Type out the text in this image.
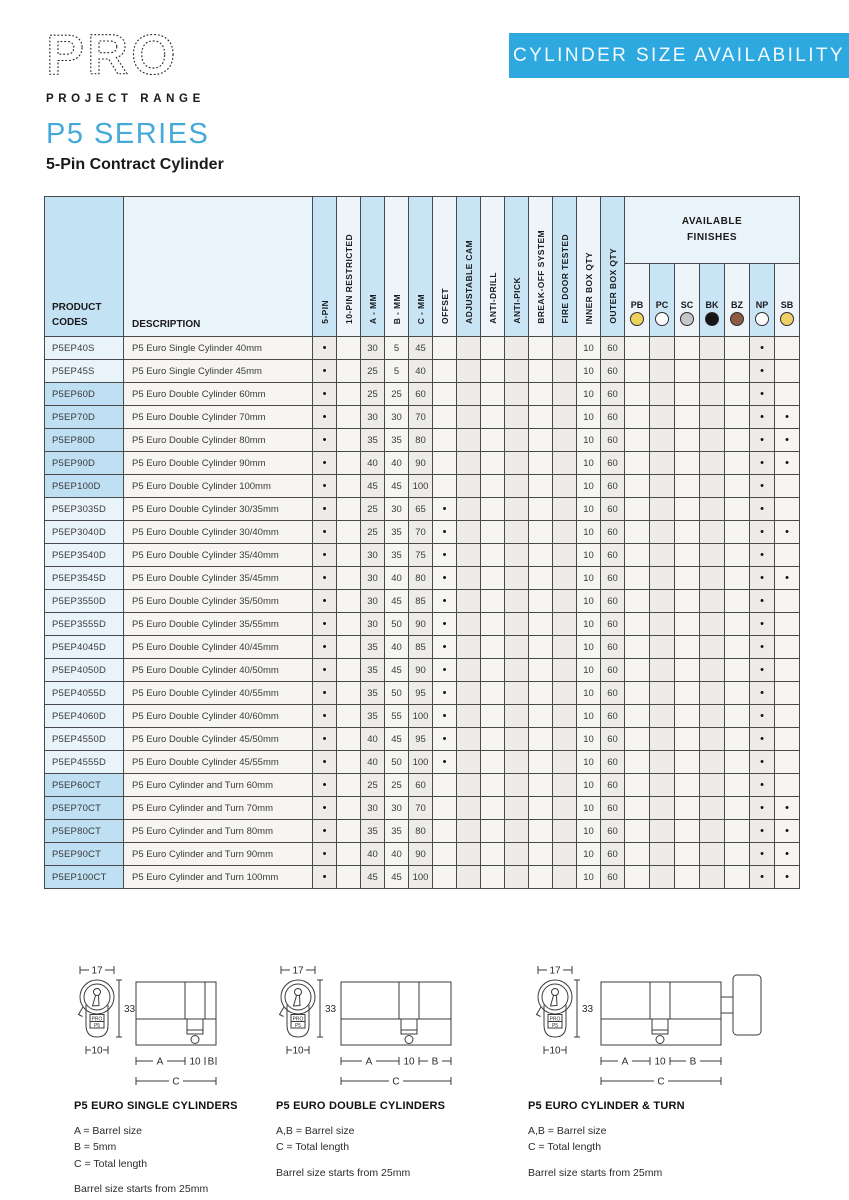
PRO
PROJECT RANGE
CYLINDER SIZE AVAILABILITY
P5 SERIES
5-Pin Contract Cylinder
PRODUCT CODES	DESCRIPTION	5-PIN	10-PIN RESTRICTED	A - MM	B - MM	C - MM	OFFSET	ADJUSTABLE CAM	ANTI-DRILL	ANTI-PICK	BREAK-OFF SYSTEM	FIRE DOOR TESTED	INNER BOX QTY	OUTER BOX QTY	AVAILABLE FINISHES						

															PB	PC	SC	BK	BZ	NP	SB

P5EP40S	P5 Euro Single Cylinder 40mm	•		30	5	45							10	60						•	
P5EP45S	P5 Euro Single Cylinder 45mm	•		25	5	40							10	60						•	
P5EP60D	P5 Euro Double Cylinder 60mm	•		25	25	60							10	60						•	
P5EP70D	P5 Euro Double Cylinder 70mm	•		30	30	70							10	60						•	•
P5EP80D	P5 Euro Double Cylinder 80mm	•		35	35	80							10	60						•	•
P5EP90D	P5 Euro Double Cylinder 90mm	•		40	40	90							10	60						•	•
P5EP100D	P5 Euro Double Cylinder 100mm	•		45	45	100							10	60						•	
P5EP3035D	P5 Euro Double Cylinder 30/35mm	•		25	30	65	•						10	60						•	
P5EP3040D	P5 Euro Double Cylinder 30/40mm	•		25	35	70	•						10	60						•	•
P5EP3540D	P5 Euro Double Cylinder 35/40mm	•		30	35	75	•						10	60						•	
P5EP3545D	P5 Euro Double Cylinder 35/45mm	•		30	40	80	•						10	60						•	•
P5EP3550D	P5 Euro Double Cylinder 35/50mm	•		30	45	85	•						10	60						•	
P5EP3555D	P5 Euro Double Cylinder 35/55mm	•		30	50	90	•						10	60						•	
P5EP4045D	P5 Euro Double Cylinder 40/45mm	•		35	40	85	•						10	60						•	
P5EP4050D	P5 Euro Double Cylinder 40/50mm	•		35	45	90	•						10	60						•	
P5EP4055D	P5 Euro Double Cylinder 40/55mm	•		35	50	95	•						10	60						•	
P5EP4060D	P5 Euro Double Cylinder 40/60mm	•		35	55	100	•						10	60						•	
P5EP4550D	P5 Euro Double Cylinder 45/50mm	•		40	45	95	•						10	60						•	
P5EP4555D	P5 Euro Double Cylinder 45/55mm	•		40	50	100	•						10	60						•	
P5EP60CT	P5 Euro Cylinder and Turn 60mm	•		25	25	60							10	60						•	
P5EP70CT	P5 Euro Cylinder and Turn 70mm	•		30	30	70							10	60						•	•
P5EP80CT	P5 Euro Cylinder and Turn 80mm	•		35	35	80							10	60						•	•
P5EP90CT	P5 Euro Cylinder and Turn 90mm	•		40	40	90							10	60						•	•
P5EP100CT	P5 Euro Cylinder and Turn 100mm	•		45	45	100							10	60						•	•
17
PRO
P5
33
10
A	10 B
C
P5 EURO SINGLE CYLINDERS
A = Barrel size
B = 5mm
C = Total length
Barrel size starts from 25mm
17
PRO
P5
33
10
A	10 B
C
P5 EURO DOUBLE CYLINDERS
A,B = Barrel size
C = Total length
Barrel size starts from 25mm
17
PRO
P5
33
10
A	10 B
C
P5 EURO CYLINDER & TURN
A,B = Barrel size
C = Total length
Barrel size starts from 25mm
